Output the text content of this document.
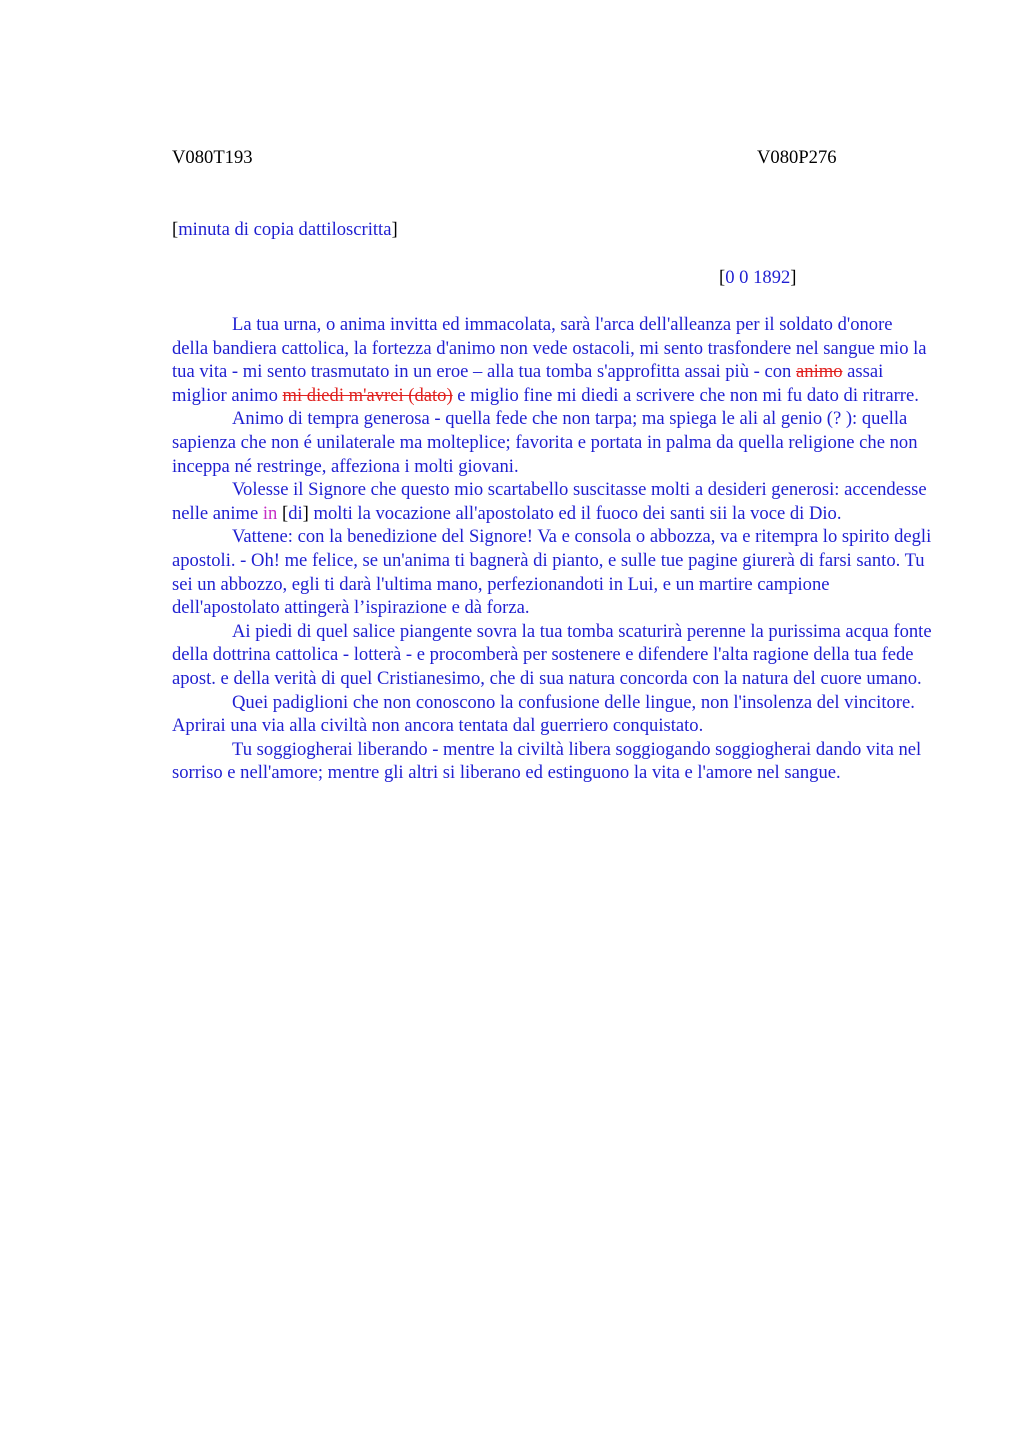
V080T193	V080P276
[minuta di copia dattiloscritta]
[0 0 1892]

La tua urna, o anima invitta ed immacolata, sarà l'arca dell'alleanza per il soldato d'onore della bandiera cattolica, la fortezza d'animo non vede ostacoli, mi sento trasfondere nel sangue mio la tua vita - mi sento trasmutato in un eroe – alla tua tomba s'approfitta assai più - con animo assai miglior animo mi diedi m'avrei (dato) e miglio fine mi diedi a scrivere che non mi fu dato di ritrarre.

Animo di tempra generosa - quella fede che non tarpa; ma spiega le ali al genio (? ): quella sapienza che non é unilaterale ma molteplice; favorita e portata in palma da quella religione che non inceppa né restringe, affeziona i molti giovani.

Volesse il Signore che questo mio scartabello suscitasse molti a desideri generosi: accendesse nelle anime in [di] molti la vocazione all'apostolato ed il fuoco dei santi sii la voce di Dio.

Vattene: con la benedizione del Signore! Va e consola o abbozza, va e ritempra lo spirito degli apostoli. - Oh! me felice, se un'anima ti bagnerà di pianto, e sulle tue pagine giurerà di farsi santo. Tu sei un abbozzo, egli ti darà l'ultima mano, perfezionandoti in Lui, e un martire campione dell'apostolato attingerà l’ispirazione e dà forza.

Ai piedi di quel salice piangente sovra la tua tomba scaturirà perenne la purissima acqua fonte della dottrina cattolica - lotterà - e procomberà per sostenere e difendere l'alta ragione della tua fede apost. e della verità di quel Cristianesimo, che di sua natura concorda con la natura del cuore umano.

Quei padiglioni che non conoscono la confusione delle lingue, non l'insolenza del vincitore. Aprirai una via alla civiltà non ancora tentata dal guerriero conquistato.

Tu soggiogherai liberando - mentre la civiltà libera soggiogando soggiogherai dando vita nel sorriso e nell'amore; mentre gli altri si liberano ed estinguono la vita e l'amore nel sangue.
